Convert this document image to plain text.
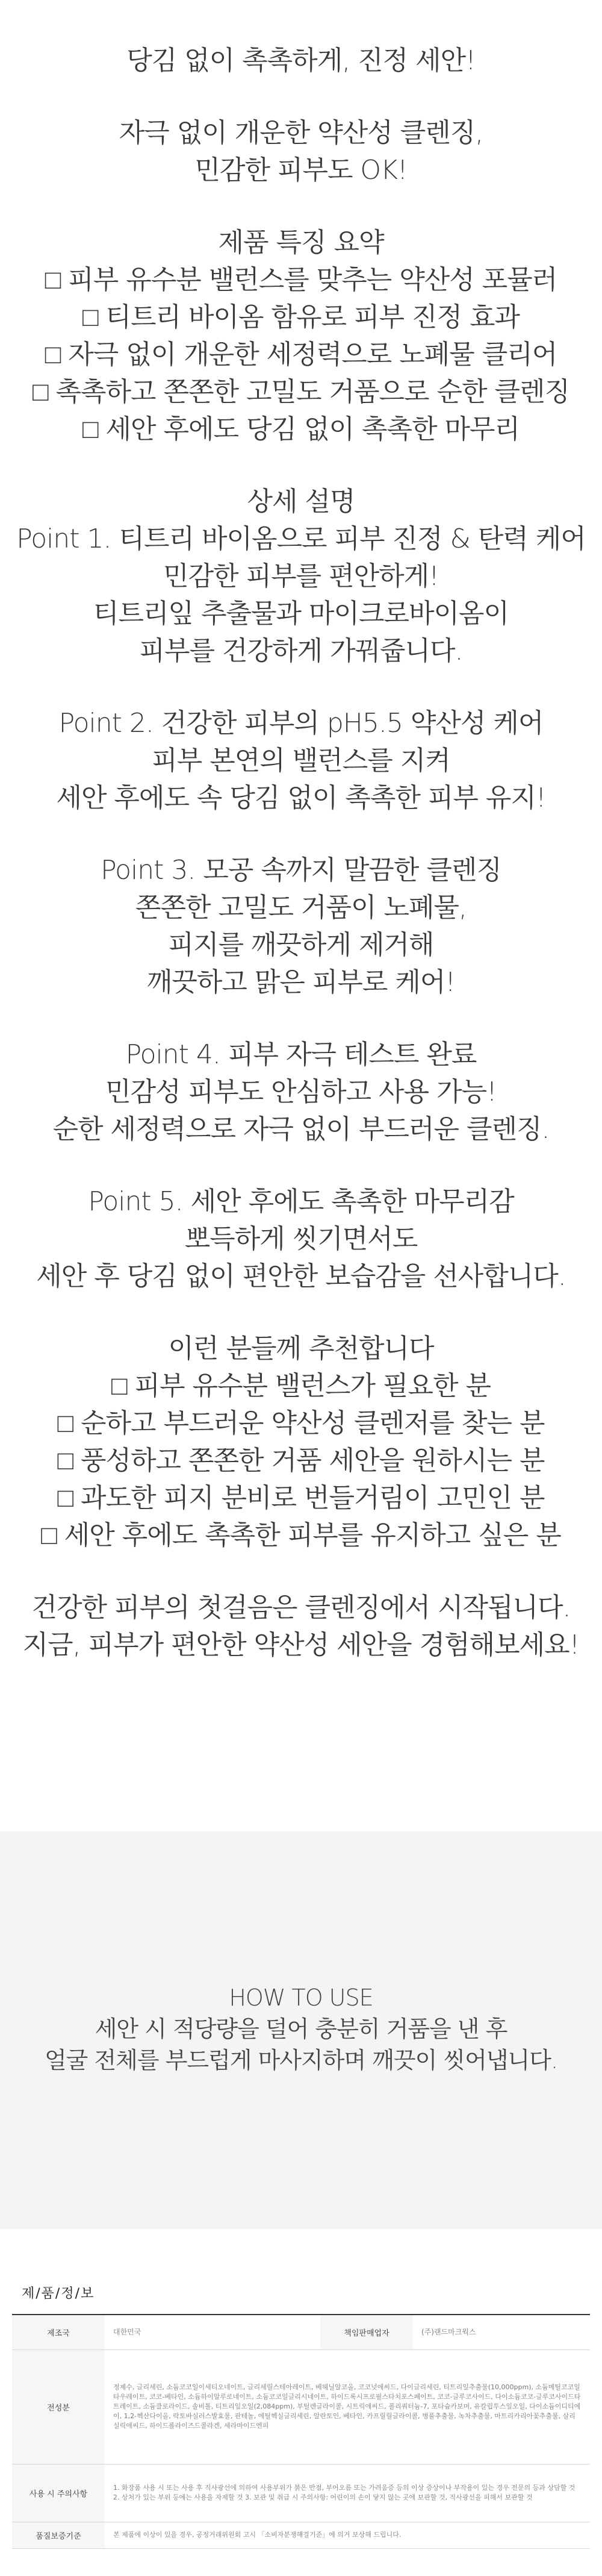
당김 없이 촉촉하게, 진정 세안!
자극 없이 개운한 약산성 클렌징,
민감한 피부도 OK!
제품 특징 요약
□ 피부 유수분 밸런스를 맞추는 약산성 포뮬러
□ 티트리 바이옴 함유로 피부 진정 효과
□ 자극 없이 개운한 세정력으로 노폐물 클리어
□ 촉촉하고 쫀쫀한 고밀도 거품으로 순한 클렌징
□ 세안 후에도 당김 없이 촉촉한 마무리
상세 설명
Point 1. 티트리 바이옴으로 피부 진정 & 탄력 케어
민감한 피부를 편안하게!
티트리잎 추출물과 마이크로바이옴이
피부를 건강하게 가꿔줍니다.
Point 2. 건강한 피부의 pH5.5 약산성 케어
피부 본연의 밸런스를 지켜
세안 후에도 속 당김 없이 촉촉한 피부 유지!
Point 3. 모공 속까지 말끔한 클렌징
쫀쫀한 고밀도 거품이 노폐물,
피지를 깨끗하게 제거해
깨끗하고 맑은 피부로 케어!
Point 4. 피부 자극 테스트 완료
민감성 피부도 안심하고 사용 가능!
순한 세정력으로 자극 없이 부드러운 클렌징.
Point 5. 세안 후에도 촉촉한 마무리감
뽀득하게 씻기면서도
세안 후 당김 없이 편안한 보습감을 선사합니다.
이런 분들께 추천합니다
□ 피부 유수분 밸런스가 필요한 분
□ 순하고 부드러운 약산성 클렌저를 찾는 분
□ 풍성하고 쫀쫀한 거품 세안을 원하시는 분
□ 과도한 피지 분비로 번들거림이 고민인 분
□ 세안 후에도 촉촉한 피부를 유지하고 싶은 분
건강한 피부의 첫걸음은 클렌징에서 시작됩니다.
지금, 피부가 편안한 약산성 세안을 경험해보세요!
HOW TO USE
세안 시 적당량을 덜어 충분히 거품을 낸 후
얼굴 전체를 부드럽게 마사지하며 깨끗이 씻어냅니다.
제/품/정/보
제조국	대한민국	책임판매업자	(주)랜드마크웍스
전성분	정제수, 글리세린, 소듐코코일이세티오네이트, 글리세릴스테아레이트, 베헤닐알코올, 코코넛애씨드, 다이글리세린, 티트리잎추출물(10,000ppm), 소듐메틸코코일타우레이트, 코코-베타인, 소듐하이알루로네이트, 소듐코코일글리시네이트, 하이드록시프로필스타치포스페이트, 코코-글루코사이드, 다이소듐코코-글루코사이드타트레이트, 소듐클로라이드, 솔비톨, 티트리잎오일(2,084ppm), 부틸렌글라이콜, 시트릭애씨드, 폴리쿼터늄-7, 포타슘카보머, 유칼립투스잎오일, 다이소듐이디티에이, 1,2-헥산다이올, 락토바실러스발효물, 판테놀, 에틸헥실글리세린, 알란토인, 베타인, 카프릴릴글라이콜, 병풀추출물, 녹차추출물, 마트리카리아꽃추출물, 살리실릭애씨드, 하이드롤라이즈드콜라겐, 세라마이드엔피		
사용 시 주의사항	1. 화장품 사용 시 또는 사용 후 직사광선에 의하여 사용부위가 붉은 반점, 부어오름 또는 가려움증 등의 이상 증상이나 부작용이 있는 경우 전문의 등과 상담할 것 2. 상처가 있는 부위 등에는 사용을 자제할 것 3. 보관 및 취급 시 주의사항: 어린이의 손이 닿지 않는 곳에 보관할 것, 직사광선을 피해서 보관할 것		
품질보증기준	본 제품에 이상이 있을 경우, 공정거래위원회 고시 「소비자분쟁해결기준」에 의거 보상해 드립니다.		
